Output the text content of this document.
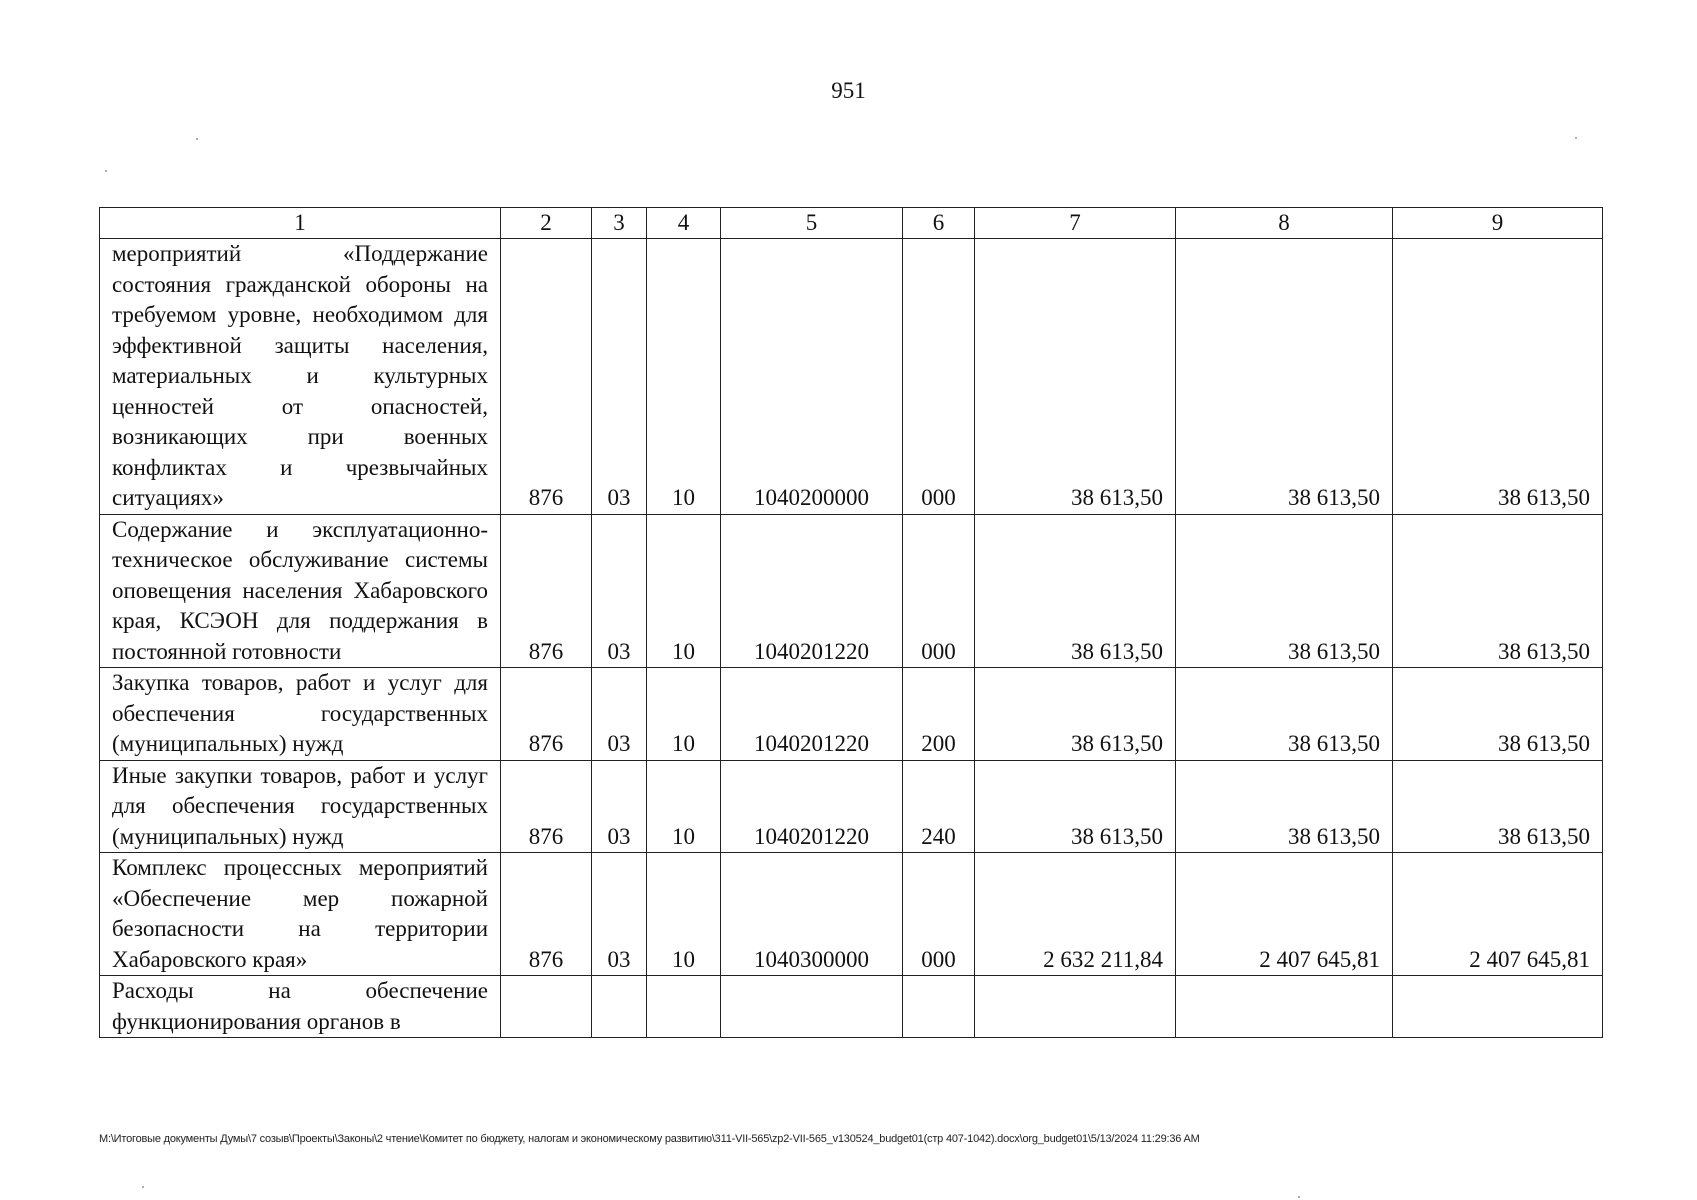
951
1	2	3	4	5	6	7	8	9
мероприятий «Поддержание состояния гражданской обороны на требуемом уровне, необходимом для эффективной защиты населения, материальных и культурных ценностей от опасностей, возникающих при военных конфликтах и чрезвычайных ситуациях»	876	03	10	1040200000	000	38 613,50	38 613,50	38 613,50
Содержание и эксплуатационно-техническое обслуживание системы оповещения населения Хабаровского края, КСЭОН для поддержания в постоянной готовности	876	03	10	1040201220	000	38 613,50	38 613,50	38 613,50
Закупка товаров, работ и услуг для обеспечения государственных (муниципальных) нужд	876	03	10	1040201220	200	38 613,50	38 613,50	38 613,50
Иные закупки товаров, работ и услуг для обеспечения государственных (муниципальных) нужд	876	03	10	1040201220	240	38 613,50	38 613,50	38 613,50
Комплекс процессных мероприятий «Обеспечение мер пожарной безопасности на территории Хабаровского края»	876	03	10	1040300000	000	2 632 211,84	2 407 645,81	2 407 645,81
Расходы на обеспечение функционирования органов в								
M:\Итоговые документы Думы\7 созыв\Проекты\Законы\2 чтение\Комитет по бюджету, налогам и экономическому развитию\311-VII-565\zp2-VII-565_v130524_budget01(стр 407-1042).docx\org_budget01\5/13/2024 11:29:36 AM
